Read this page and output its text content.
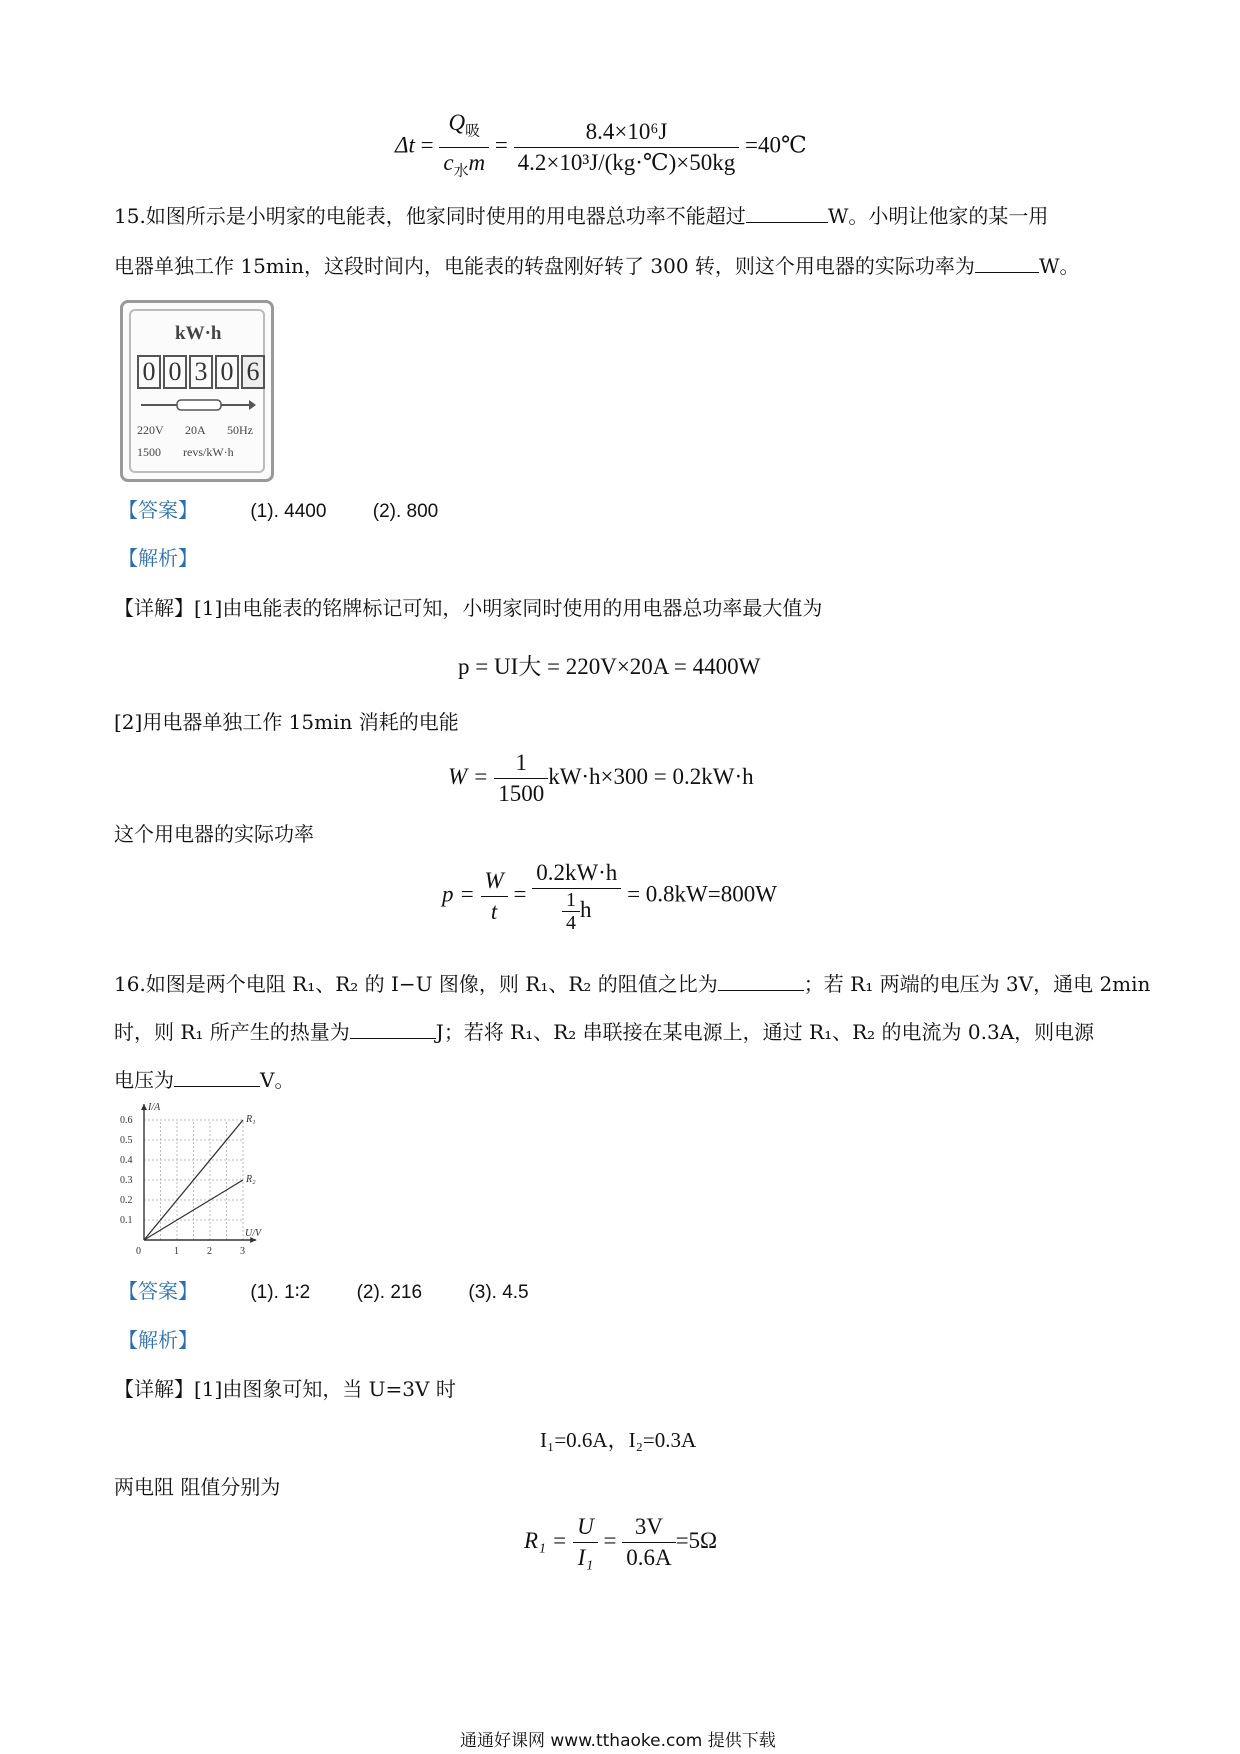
$\Delta t = \frac{Q_吸}{c_水m} = \frac{\text{8.4×10⁶J}}{\text{4.2×10³J/(kg·℃)×50kg}}$ =40℃
15.如图所示是小明家的电能表，他家同时使用的用电器总功率不能超过	W。小明让他家的某一用
电器单独工作 15min，这段时间内，电能表的转盘刚好转了 300 转，则这个用电器的实际功率为	W。
kW·h
0 0 3 0 6
220V 20A 50Hz
1500 revs/kW·h
【答案】	(1). 4400 (2). 800
【解析】
【详解】[1]由电能表的铭牌标记可知，小明家同时使用的用电器总功率最大值为
p = UI大 = 220V×20A = 4400W
[2]用电器单独工作 15min 消耗的电能
$W = \frac{1}{1500} kW\cdot h\times 300 = 0.2kW\cdot h$
这个用电器的实际功率
$p = \frac{W}{t} = \frac{0.2kW\cdot h}{\frac{1}{4} h} = 0.8kW=800W$
16.如图是两个电阻 R₁、R₂ 的 I−U 图像，则 R₁、R₂ 的阻值之比为	；若 R₁ 两端的电压为 3V，通电 2min
时，则 R₁ 所产生的热量为	J；若将 R₁、R₂ 串联接在某电源上，通过 R₁、R₂ 的电流为 0.3A，则电源
电压为	V。
0	1	2	3
0.1
0.2
0.3
0.4
0.5
0.6
I/A
U/V
R₁
R₂
【答案】	(1). 1∶2 (2). 216 (3). 4.5
【解析】
【详解】[1]由图象可知，当 U=3V 时
I₁=0.6A，I₂=0.3A
两电阻 阻值分别为
$R_1 = \frac{U}{\text{I₁}} = \frac{3V}{0.6A} =5\Omega$
通通好课网 www.tthaoke.com 提供下载
